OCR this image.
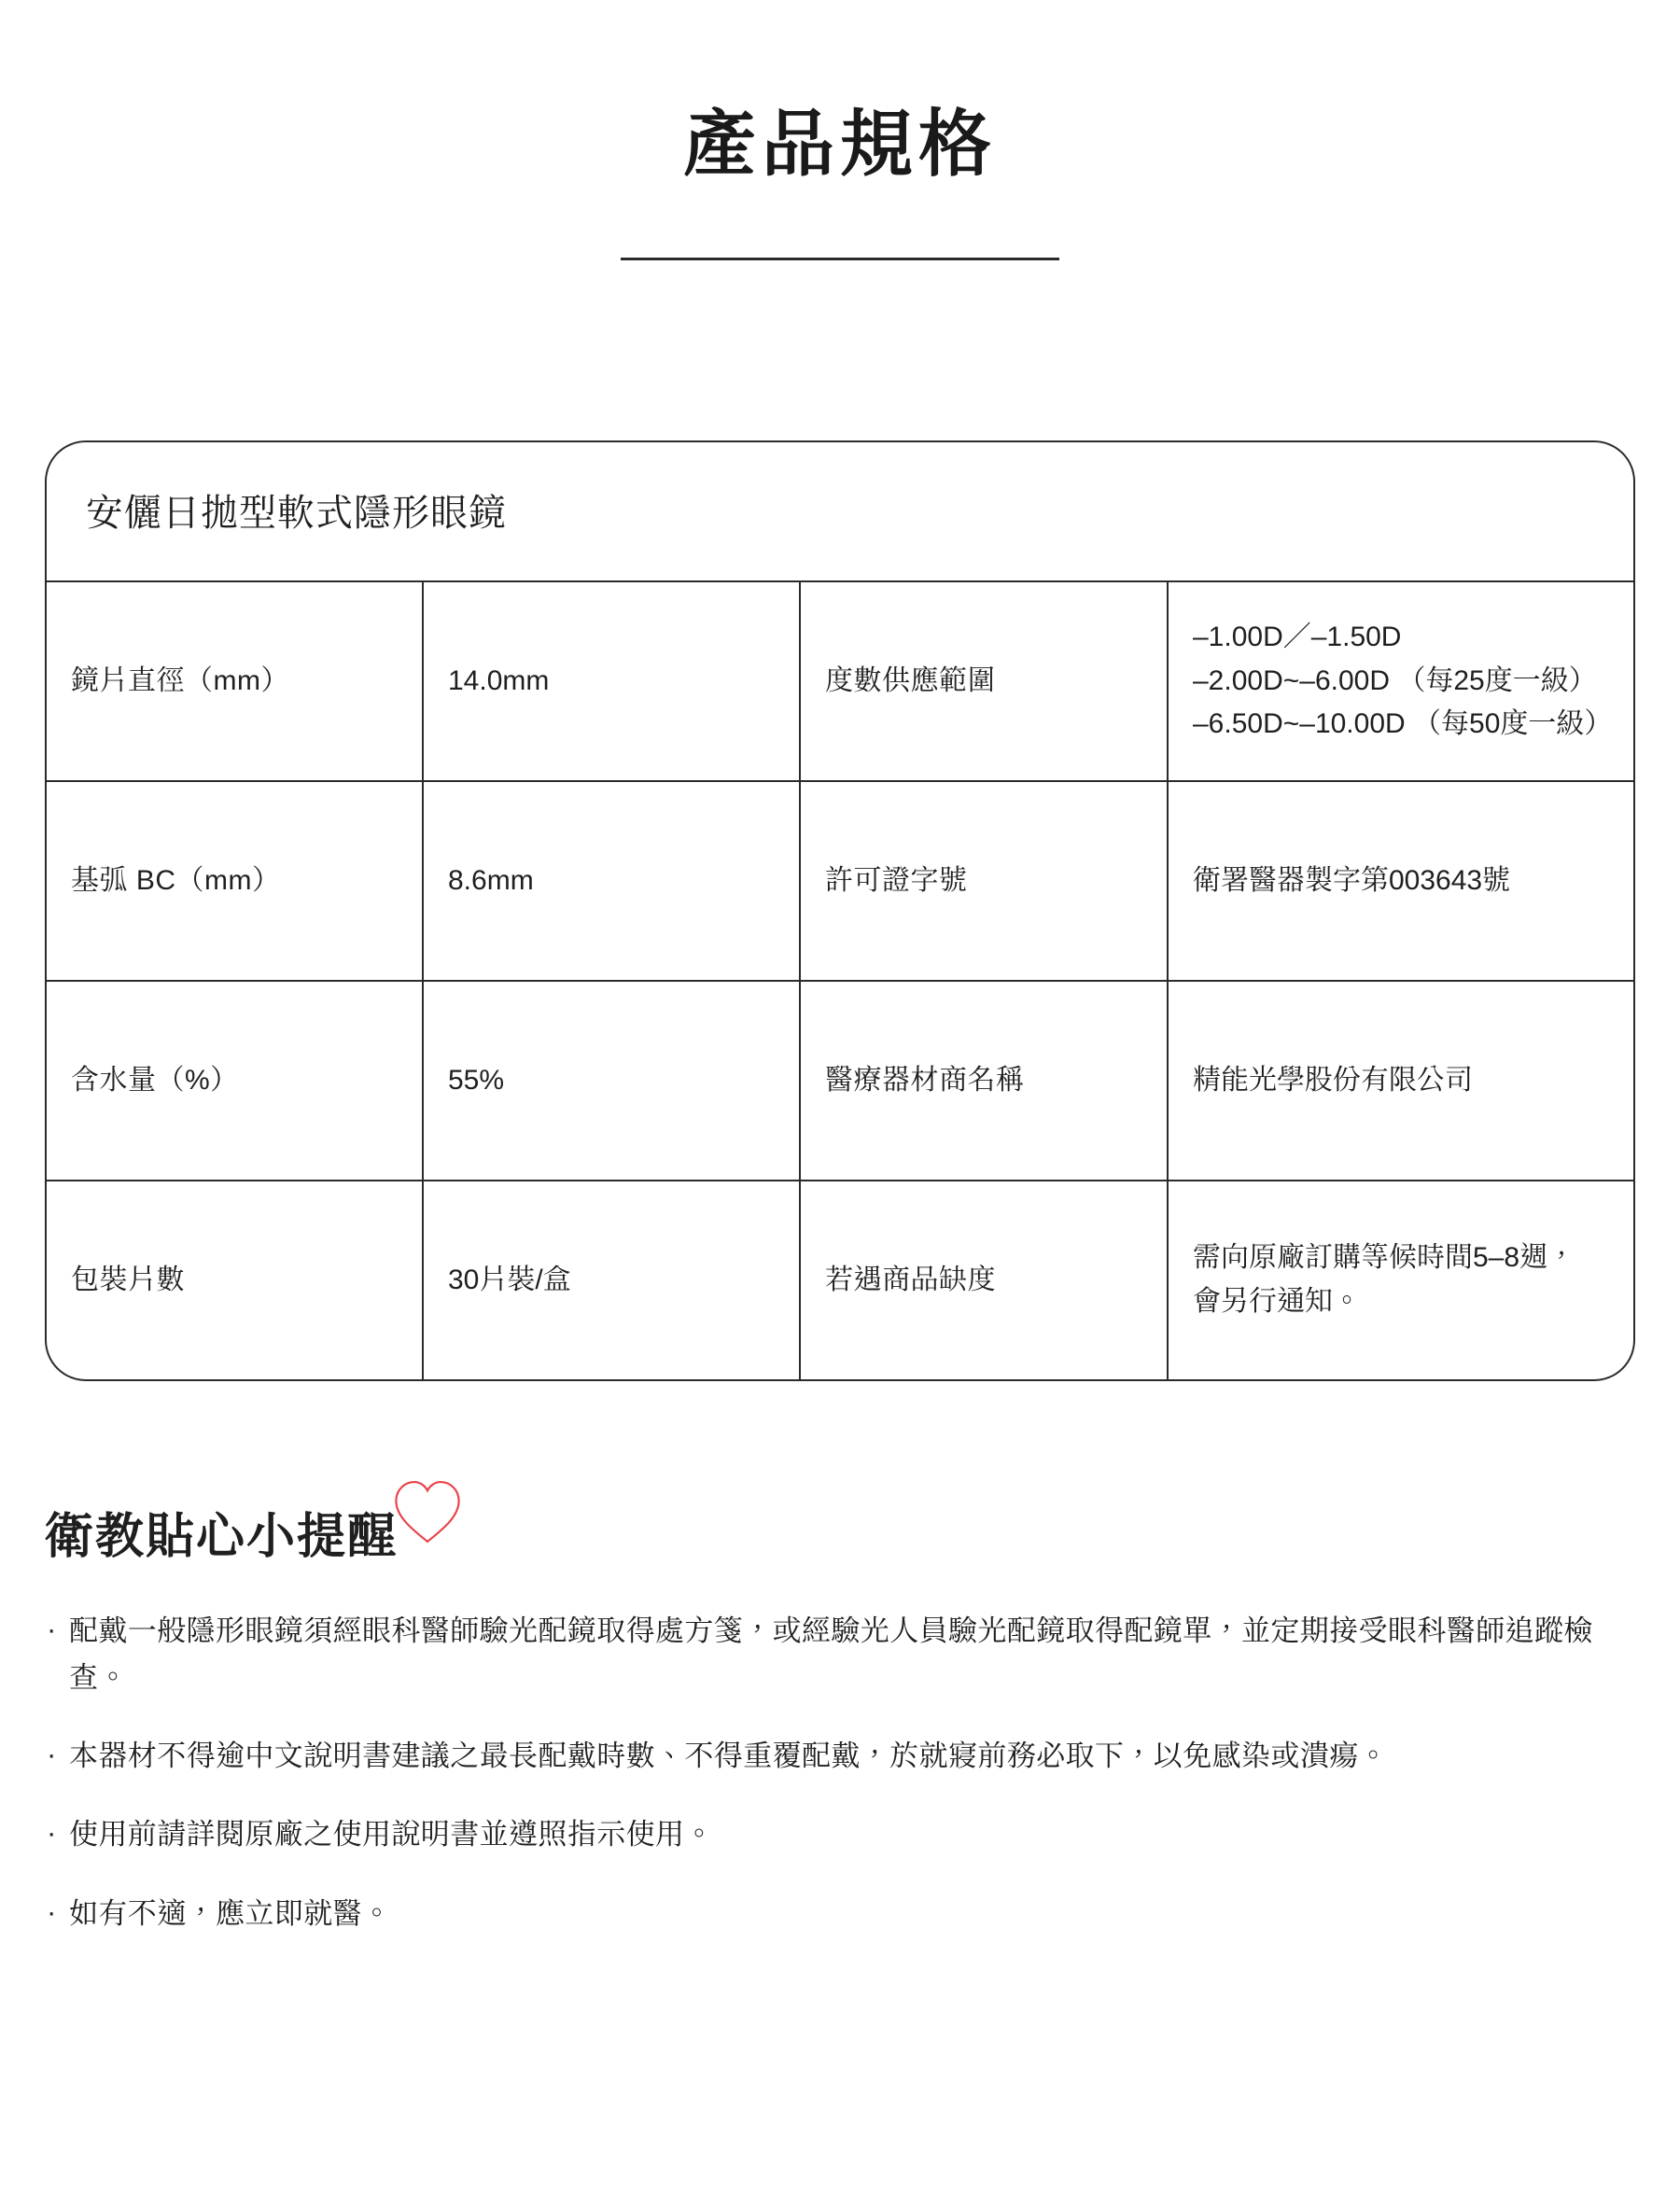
產品規格
安儷日拋型軟式隱形眼鏡
鏡片直徑（mm）	14.0mm	度數供應範圍	–1.00D／–1.50D
–2.00D~–6.00D （每25度一級）
–6.50D~–10.00D （每50度一級）

基弧 BC（mm）	8.6mm	許可證字號	衛署醫器製字第003643號
含水量（%）	55%	醫療器材商名稱	精能光學股份有限公司
包裝片數	30片裝/盒	若遇商品缺度	需向原廠訂購等候時間5–8週，
會另行通知。
衛教貼心小提醒
· 配戴一般隱形眼鏡須經眼科醫師驗光配鏡取得處方箋，或經驗光人員驗光配鏡取得配鏡單，並定期接受眼科醫師追蹤檢查。
· 本器材不得逾中文說明書建議之最長配戴時數、不得重覆配戴，於就寢前務必取下，以免感染或潰瘍。
· 使用前請詳閱原廠之使用說明書並遵照指示使用。
· 如有不適，應立即就醫。
